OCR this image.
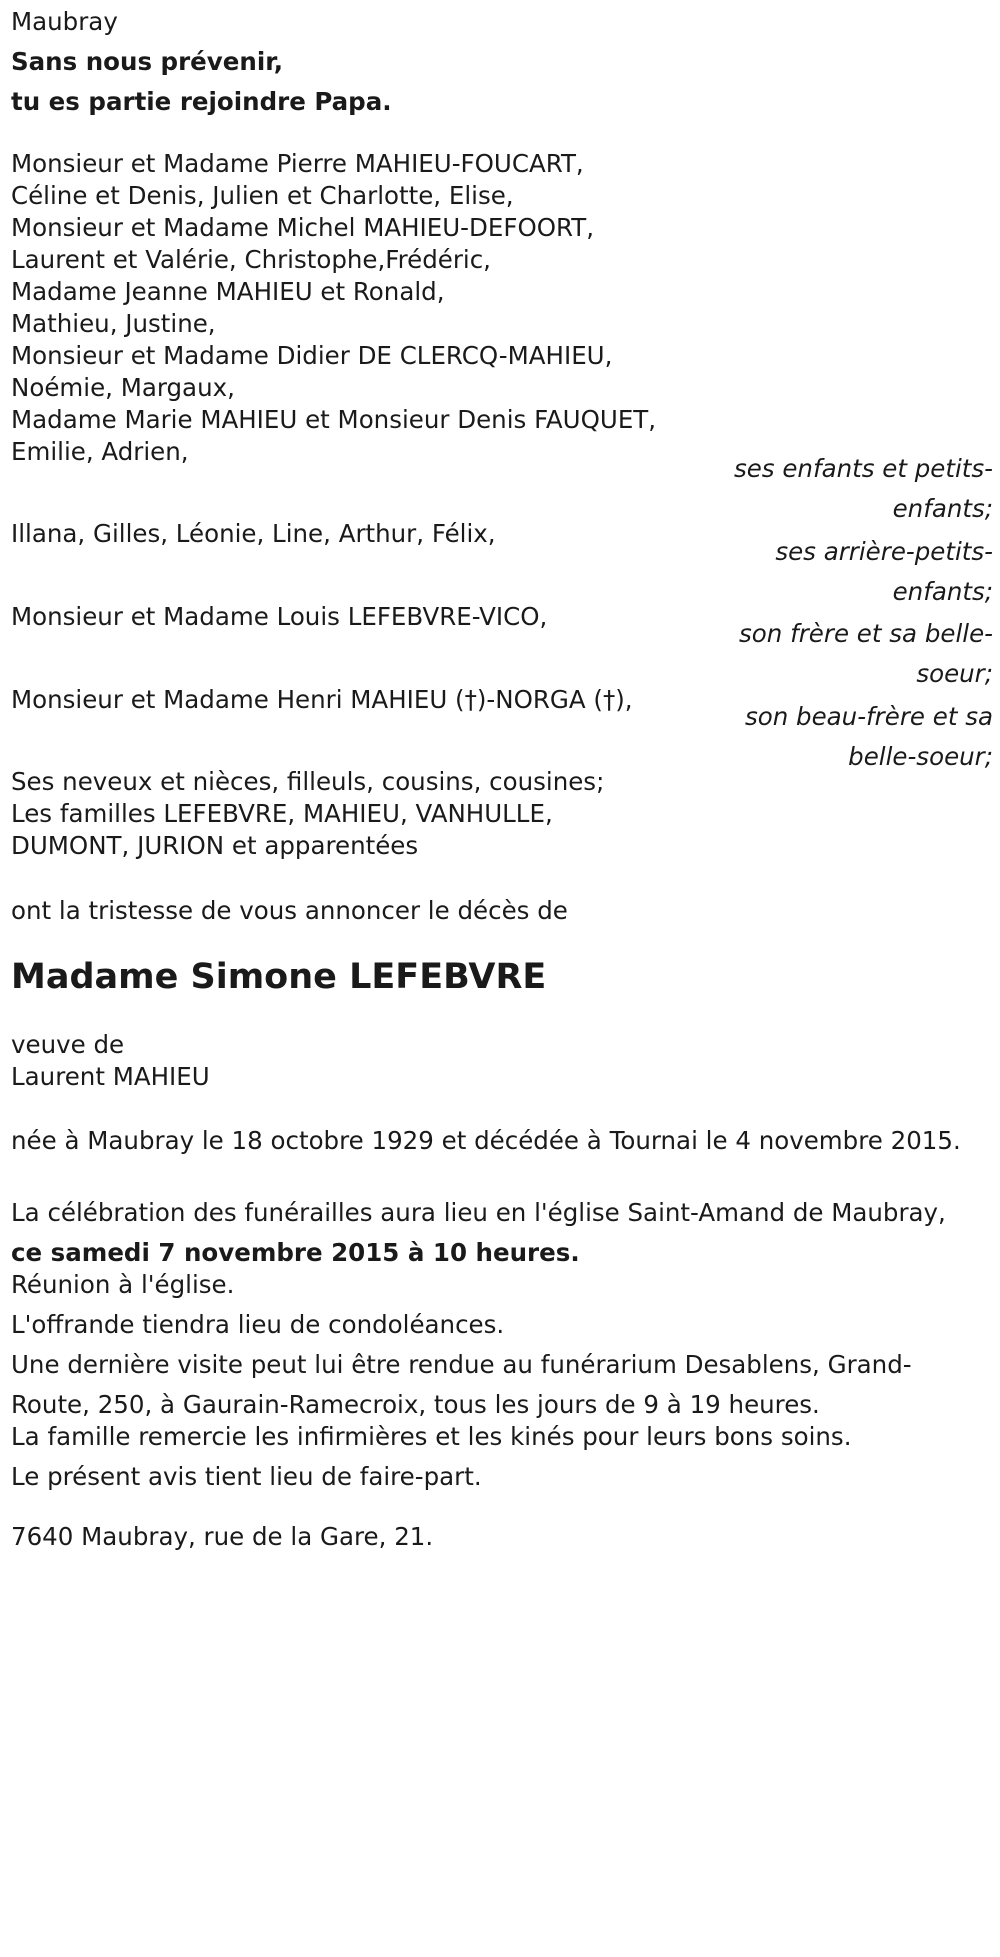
Maubray
Sans nous prévenir,
tu es partie rejoindre Papa.
Monsieur et Madame Pierre MAHIEU-FOUCART,
Céline et Denis, Julien et Charlotte, Elise,
Monsieur et Madame Michel MAHIEU-DEFOORT,
Laurent et Valérie, Christophe,Frédéric,
Madame Jeanne MAHIEU et Ronald,
Mathieu, Justine,
Monsieur et Madame Didier DE CLERCQ-MAHIEU,
Noémie, Margaux,
Madame Marie MAHIEU et Monsieur Denis FAUQUET,
Emilie, Adrien,
ses enfants et petits-enfants;
Illana, Gilles, Léonie, Line, Arthur, Félix,
ses arrière-petits-enfants;
Monsieur et Madame Louis LEFEBVRE-VICO,
son frère et sa belle-soeur;
Monsieur et Madame Henri MAHIEU (†)-NORGA (†),
son beau-frère et sa belle-soeur;
Ses neveux et nièces, filleuls, cousins, cousines;
Les familles LEFEBVRE, MAHIEU, VANHULLE,
DUMONT, JURION et apparentées
ont la tristesse de vous annoncer le décès de
Madame Simone LEFEBVRE
veuve de
Laurent MAHIEU
née à Maubray le 18 octobre 1929 et décédée à Tournai le 4 novembre 2015.
La célébration des funérailles aura lieu en l'église Saint-Amand de Maubray, ce samedi 7 novembre 2015 à 10 heures.
Réunion à l'église.
L'offrande tiendra lieu de condoléances.
Une dernière visite peut lui être rendue au funérarium Desablens, Grand-Route, 250, à Gaurain-Ramecroix, tous les jours de 9 à 19 heures.
La famille remercie les infirmières et les kinés pour leurs bons soins.
Le présent avis tient lieu de faire-part.
7640 Maubray, rue de la Gare, 21.
